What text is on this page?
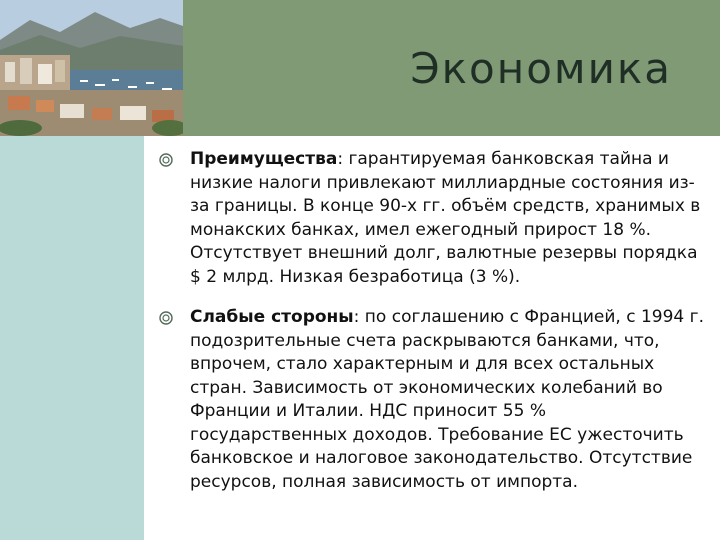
Экономика
Преимущества: гарантируемая банковская тайна и низкие налоги привлекают миллиардные состояния из-за границы. В конце 90-х гг. объём средств, хранимых в монакских банках, имел ежегодный прирост 18 %. Отсутствует внешний долг, валютные резервы порядка $ 2 млрд. Низкая безработица (3 %).
Слабые стороны: по соглашению с Францией, с 1994 г. подозрительные счета раскрываются банками, что, впрочем, стало характерным и для всех остальных стран. Зависимость от экономических колебаний во Франции и Италии. НДС приносит 55 % государственных доходов. Требование ЕС ужесточить банковское и налоговое законодательство. Отсутствие ресурсов, полная зависимость от импорта.
